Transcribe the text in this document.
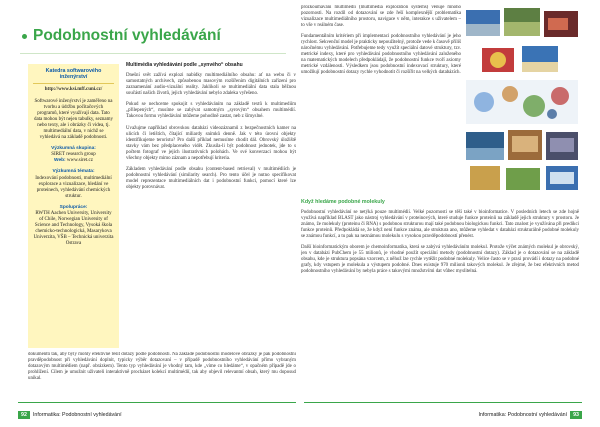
Podobnostní vyhledávání
Katedra softwarového
inženýrství

http://www.ksi.mff.cuni.cz/

Softwarové inženýrství je zaměřeno na tvorbu a údržbu počítačových programů, které využívají data. Tato data mohou být nejen tabulky, seznamy nebo texty, ale i obrázky či videa, tj. multimediální data, v nichž se vyhledává na základě podobnosti.

Výzkumná skupina:
SIRET research group
Web: www.siret.cz

Výzkumná témata:
Indexování podobnosti, multimediální explorace a vizualizace, hledání ve proteinech, vyhledávání chemických struktur.

Spolupráce:
RWTH Aachen University, University of Chile, Norwegian University of Science and Technology, Vysoká škola chemicko-technologická, Masarykova Univerzita, VŠB – Technická univerzita Ostrava

Multimédia vyhledávání podle „synvého“ obsahu

Dnešní svět zažívá explozi nabídky multimediálního obsahu: ať na webu či v samostatných archivech, způsobenou masovým rozšířením digitálních zařízení pro zaznamenání audio-vizuální reality. Jaklikoli se multimediální data stala běžnou součástí našich životů, jejich vyhledávání nebylo zdaleka vyřešeno.

Pokud se nechceme spokojit s vyhledáváním na základě textů k multimediím „přilepených“, musíme se zabývat samotným „syrovým“ obsahem multimédií. Takovou formu vyhledávání můžeme pohodlně zastat, neb z šímyslné.

Uvažujme například obrovskou databázi videozáznamů z bezpečnostních kamer na ulicích či letištích, čítající miliardy snímků denně. Jak v této úrovni objekty identifikujeme teroristu? Pro další příklad nemusíme chodit dál. Obrovský úložiště stavky vám bez předplaceného vidět. Zkusila-li být podobnost jednotek, jde to s počtem fotograf ve jejich ilustrativních polohách. Ve své konverzaci mohou být všechny objekty mimo záznam a nepotřebují kriteria.

Základem vyhledávání podle obsahu (content-based retrieval) v multimédiích je podobnostní vyhledávání (similarity search). Pro tento účel je nutno specifikovat model reprezentace multimediálních dat i podobnostní funkci, pomocí které lze objekty porovnávat.

dokumentů tak, aby byly mohly efektivně řešit dotazy podle podobnosti. Na základě podobnostní modelové obrázky je pak podobnostní pravděpodobnost při vyhledávání doplnit, typicky výběr dotazovaní – v případě podobnostního vyhledávání přímo vybraným dotazovým multimédiem (např. obrázkem). Tento typ vyhledávání je vhodný tam, kde „víme co hledáme“, v opačném případě jde o prohlížení. Cílem je umožnit uživateli interaktivně procházet kolekcí multimédií, tak aby objevil relevantní obsah, který mu doposud unikal.

prozkoumávání multimédií (multimedia exploration systems) věnuje mnoho pozornosti. Na rozdíl od dotazování se zde řeší komplexnější problematika vizualizace multimediálního prostoru, navigace v něm, interakce s uživatelem – to vše v reálném čase.

Fundamentálním kritériem při implementaci podobnostního vyhledávání je jeho rychlost. Sekvenční model je prakticky nepoužitelný, protože vede k časově příliš náročnému vyhledávání. Potřebujeme tedy využít speciální datové struktury, tzv. metrické indexy, které pro vyhledávání podobnostního vyhledávání založeného na matematických modelech předpokládají, že podobnostní funkce tvoří axiomy metrické vzdálenosti. Výsledkem jsou podobnostní indexovací struktury, které umožňují podobnostní dotazy rychle vyhodnotit či rozšířit na velkých databázích.

Když hledáme podobné molekuly

Podobnostní vyhledávání se netýká pouze multimédií. Velké pozornosti se těší také v bioinformatice. V posledních letech se zde hojně využívá například BLAST jako nástroj vyhledávání v proteinových, které studuje funkce proteinů na základě jejich struktury v prostoru. Je známo, že molekuly (proteinu či RNA) s podobnou strukturou mají také podobnou biologickou funkci. Tato znalost je využívána při predikci funkce proteinů. Předpokládá se, že když není funkce známa, ale struktura ano, můžeme vyhledat v databázi strukturálně podobné molekuly se známou funkcí, a tu pak na neznámou molekulu s vysokou pravděpodobností přenést.

Další bioinformatickým oborem je chemoinformatika, která se zabývá vyhledáváním molekul. Protože výčet známých molekul je obrovský, jen v databázi PubChem je 55 milionů, je vhodné použít speciální metody (podobnostní dotazy). Základ je o dotazování se na základě obsahu, kde je struktura popsána vzorcem, z něhož lze rychle vytěžit podobné molekuly. Velice často se v praxi provádí i dotazy na podobné grafy, kdy vstupem je molekula a výstupem podobné. Dnes existuje 970 milionů takových molekul. Je zřejmé, že bez efektivních metod podobnostního vyhledávání by nebyla práce s takovými množstvími dat vůbec myslitelná.

92	Informatika: Podobnostní vyhledávání	Informatika: Podobnostní vyhledávání	93
